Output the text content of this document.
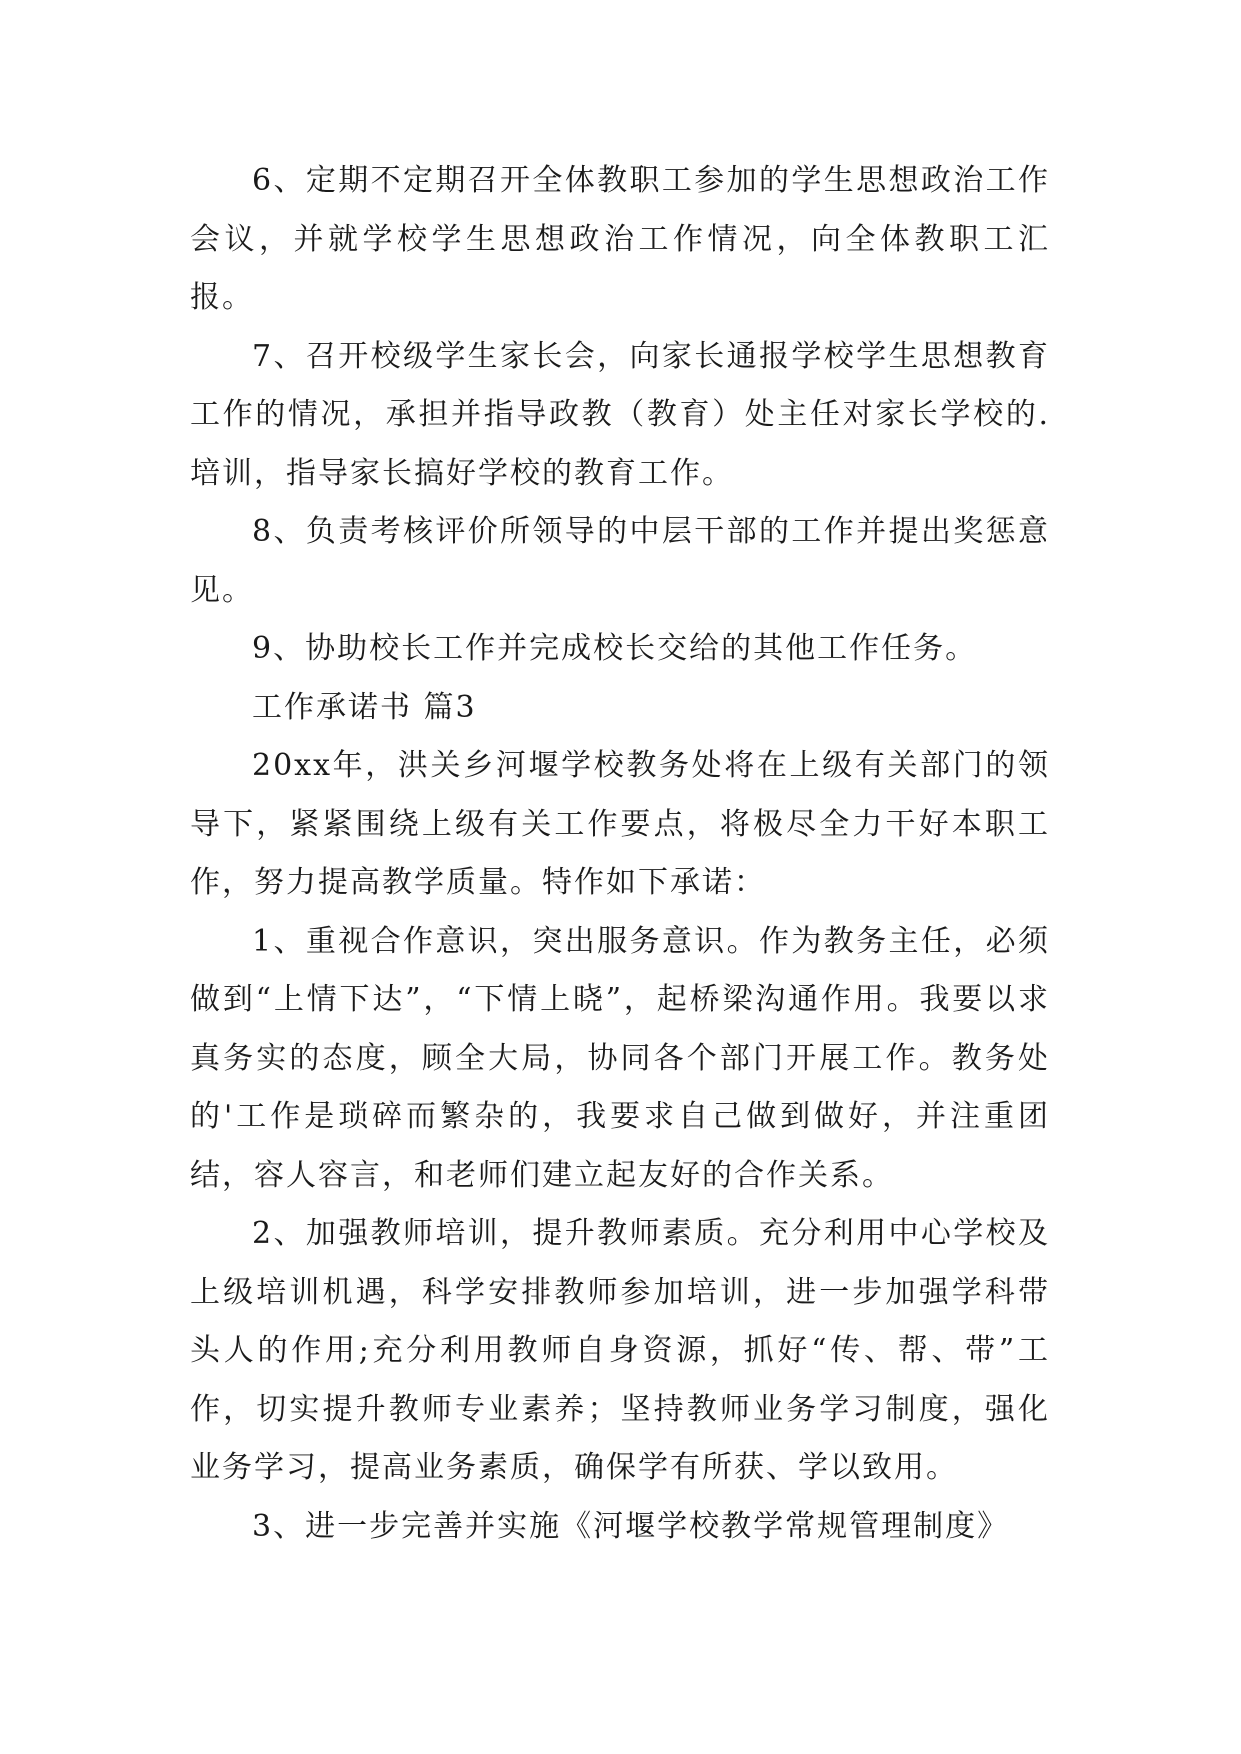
6、定期不定期召开全体教职工参加的学生思想政治工作会议，并就学校学生思想政治工作情况，向全体教职工汇报。

7、召开校级学生家长会，向家长通报学校学生思想教育工作的情况，承担并指导政教（教育）处主任对家长学校的.培训，指导家长搞好学校的教育工作。

8、负责考核评价所领导的中层干部的工作并提出奖惩意见。

9、协助校长工作并完成校长交给的其他工作任务。

工作承诺书 篇3

20xx年，洪关乡河堰学校教务处将在上级有关部门的领导下，紧紧围绕上级有关工作要点，将极尽全力干好本职工作，努力提高教学质量。特作如下承诺：

1、重视合作意识，突出服务意识。作为教务主任，必须做到“上情下达”，“下情上晓”，起桥梁沟通作用。我要以求真务实的态度，顾全大局，协同各个部门开展工作。教务处的'工作是琐碎而繁杂的，我要求自己做到做好，并注重团结，容人容言，和老师们建立起友好的合作关系。

2、加强教师培训，提升教师素质。充分利用中心学校及上级培训机遇，科学安排教师参加培训，进一步加强学科带头人的作用;充分利用教师自身资源，抓好“传、帮、带”工作，切实提升教师专业素养；坚持教师业务学习制度，强化业务学习，提高业务素质，确保学有所获、学以致用。

3、进一步完善并实施《河堰学校教学常规管理制度》
